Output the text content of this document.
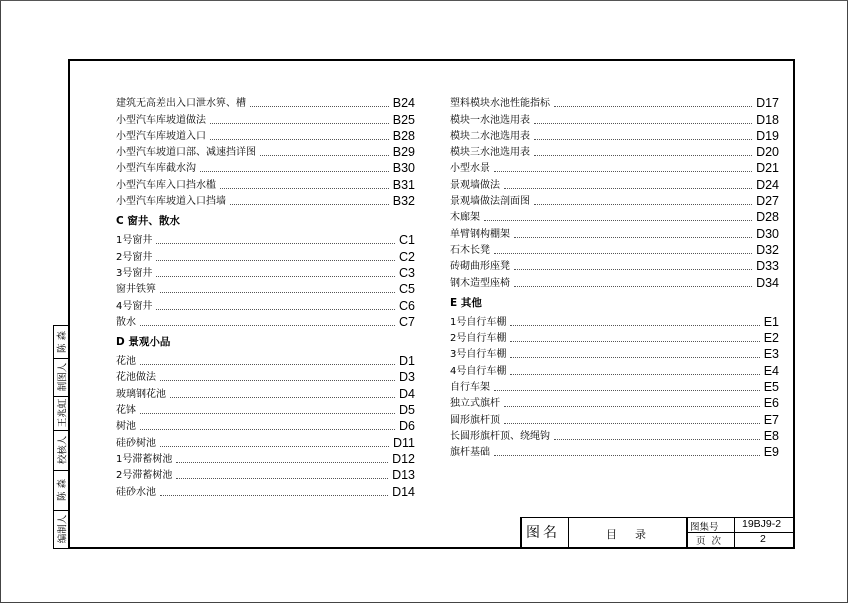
建筑无高差出入口泄水箅、槽	B24
小型汽车库坡道做法	B25
小型汽车库坡道入口	B28
小型汽车坡道口部、减速挡详图	B29
小型汽车库截水沟	B30
小型汽车库入口挡水槛	B31
小型汽车库坡道入口挡墙	B32
C 窗井、散水
1号窗井	C1
2号窗井	C2
3号窗井	C3
窗井铁箅	C5
4号窗井	C6
散水	C7
D 景观小品
花池	D1
花池做法	D3
玻璃钢花池	D4
花钵	D5
树池	D6
硅砂树池	D11
1号滞蓄树池	D12
2号滞蓄树池	D13
硅砂水池	D14
塑料模块水池性能指标	D17
模块一水池选用表	D18
模块二水池选用表	D19
模块三水池选用表	D20
小型水景	D21
景观墙做法	D24
景观墙做法剖面图	D27
木廊架	D28
单臂钢构棚架	D30
石木长凳	D32
砖砌曲形座凳	D33
钢木造型座椅	D34
E 其他
1号自行车棚	E1
2号自行车棚	E2
3号自行车棚	E3
4号自行车棚	E4
自行车架	E5
独立式旗杆	E6
圆形旗杆顶	E7
长圆形旗杆顶、绕绳钩	E8
旗杆基础	E9
图名	目录
图集号 19BJ9-2
页次	2
编制人
陈 森
校核人
王兆虹
制图人
陈 森
